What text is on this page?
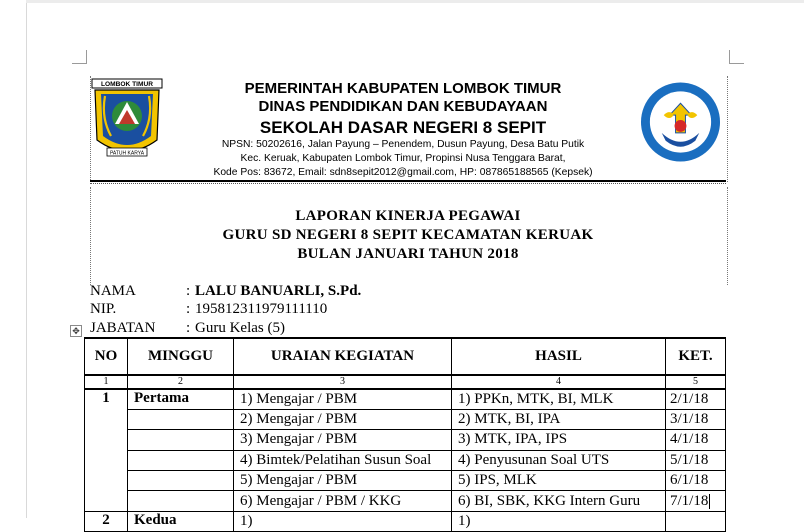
LOMBOK TIMUR
PATUH KARYA
TUT WURI HANDAYANI
PEMERINTAH KABUPATEN LOMBOK TIMUR
DINAS PENDIDIKAN DAN KEBUDAYAAN
SEKOLAH DASAR NEGERI 8 SEPIT
NPSN: 50202616, Jalan Payung – Penendem, Dusun Payung, Desa Batu Putik
Kec. Keruak, Kabupaten Lombok Timur, Propinsi Nusa Tenggara Barat,
Kode Pos: 83672, Email: sdn8sepit2012@gmail.com, HP: 087865188565 (Kepsek)
LAPORAN KINERJA PEGAWAI
GURU SD NEGERI 8 SEPIT KECAMATAN KERUAK
BULAN JANUARI TAHUN 2018
NAMA	: LALU BANUARLI, S.Pd.
NIP.	: 195812311979111110
JABATAN : Guru Kelas (5)
✥
NO	MINGGU	URAIAN KEGIATAN	HASIL	KET.
1	2	3	4	5
1	Pertama	1) Mengajar / PBM	1) PPKn, MTK, BI, MLK	2/1/18
		2) Mengajar / PBM	2) MTK, BI, IPA	3/1/18
		3) Mengajar / PBM	3) MTK, IPA, IPS	4/1/18
		4) Bimtek/Pelatihan Susun Soal	4) Penyusunan Soal UTS	5/1/18
		5) Mengajar / PBM	5) IPS, MLK	6/1/18
		6) Mengajar / PBM / KKG	6) BI, SBK, KKG Intern Guru	7/1/18
2	Kedua	1)	1)	
